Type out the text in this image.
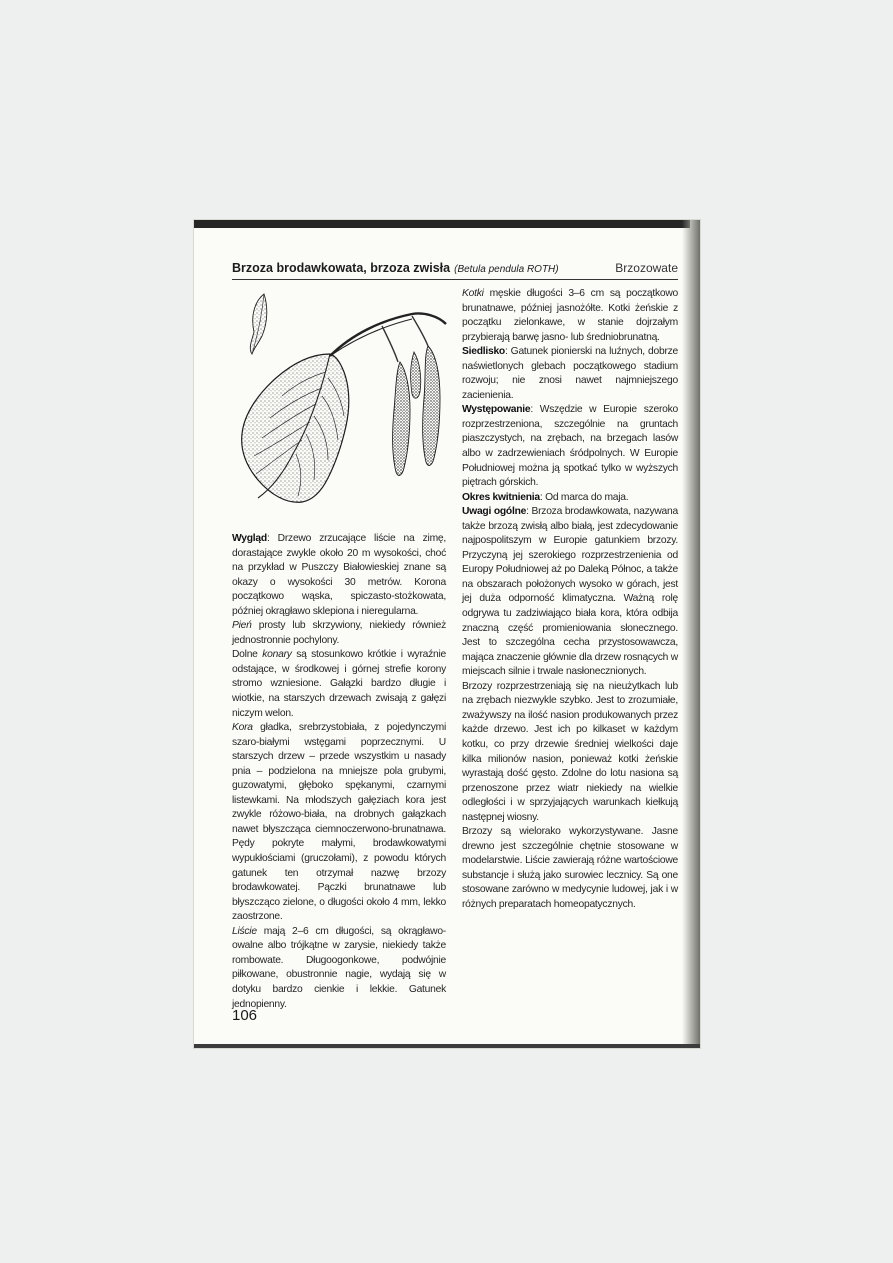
Brzoza brodawkowata, brzoza zwisła (Betula pendula ROTH)	Brzozowate

Wygląd: Drzewo zrzucające liście na zimę, dorastające zwykle około 20 m wysokości, choć na przykład w Puszczy Białowieskiej znane są okazy o wysokości 30 metrów. Korona początkowo wąska, spiczasto-stożkowata, później okrągławo sklepiona i nieregularna.

Pień prosty lub skrzywiony, niekiedy również jednostronnie pochylony.

Dolne konary są stosunkowo krótkie i wyraźnie odstające, w środkowej i górnej strefie korony stromo wzniesione. Gałązki bardzo długie i wiotkie, na starszych drzewach zwisają z gałęzi niczym welon.

Kora gładka, srebrzystobiała, z pojedynczymi szaro-białymi wstęgami poprzecznymi. U starszych drzew – przede wszystkim u nasady pnia – podzielona na mniejsze pola grubymi, guzowatymi, głęboko spękanymi, czarnymi listewkami. Na młodszych gałęziach kora jest zwykle różowo-biała, na drobnych gałązkach nawet błyszcząca ciemnoczerwono-brunatnawa. Pędy pokryte małymi, brodawkowatymi wypukłościami (gruczołami), z powodu których gatunek ten otrzymał nazwę brzozy brodawkowatej. Pączki brunatnawe lub błyszcząco zielone, o długości około 4 mm, lekko zaostrzone.

Liście mają 2–6 cm długości, są okrągławo-owalne albo trójkątne w zarysie, niekiedy także rombowate. Długoogonkowe, podwójnie piłkowane, obustronnie nagie, wydają się w dotyku bardzo cienkie i lekkie. Gatunek jednopienny.

Kotki męskie długości 3–6 cm są początkowo brunatnawe, później jasnożółte. Kotki żeńskie z początku zielonkawe, w stanie dojrzałym przybierają barwę jasno- lub średniobrunatną.

Siedlisko: Gatunek pionierski na luźnych, dobrze naświetlonych glebach początkowego stadium rozwoju; nie znosi nawet najmniejszego zacienienia.

Występowanie: Wszędzie w Europie szeroko rozprzestrzeniona, szczególnie na gruntach piaszczystych, na zrębach, na brzegach lasów albo w zadrzewieniach śródpolnych. W Europie Południowej można ją spotkać tylko w wyższych piętrach górskich.

Okres kwitnienia: Od marca do maja.

Uwagi ogólne: Brzoza brodawkowata, nazywana także brzozą zwisłą albo białą, jest zdecydowanie najpospolitszym w Europie gatunkiem brzozy. Przyczyną jej szerokiego rozprzestrzenienia od Europy Południowej aż po Daleką Północ, a także na obszarach położonych wysoko w górach, jest jej duża odporność klimatyczna. Ważną rolę odgrywa tu zadziwiająco biała kora, która odbija znaczną część promieniowania słonecznego. Jest to szczególna cecha przystosowawcza, mająca znaczenie głównie dla drzew rosnących w miejscach silnie i trwale nasłonecznionych.

Brzozy rozprzestrzeniają się na nieużytkach lub na zrębach niezwykle szybko. Jest to zrozumiałe, zważywszy na ilość nasion produkowanych przez każde drzewo. Jest ich po kilkaset w każdym kotku, co przy drzewie średniej wielkości daje kilka milionów nasion, ponieważ kotki żeńskie wyrastają dość gęsto. Zdolne do lotu nasiona są przenoszone przez wiatr niekiedy na wielkie odległości i w sprzyjających warunkach kiełkują następnej wiosny.

Brzozy są wielorako wykorzystywane. Jasne drewno jest szczególnie chętnie stosowane w modelarstwie. Liście zawierają różne wartościowe substancje i służą jako surowiec lecznicy. Są one stosowane zarówno w medycynie ludowej, jak i w różnych preparatach homeopatycznych.

106
